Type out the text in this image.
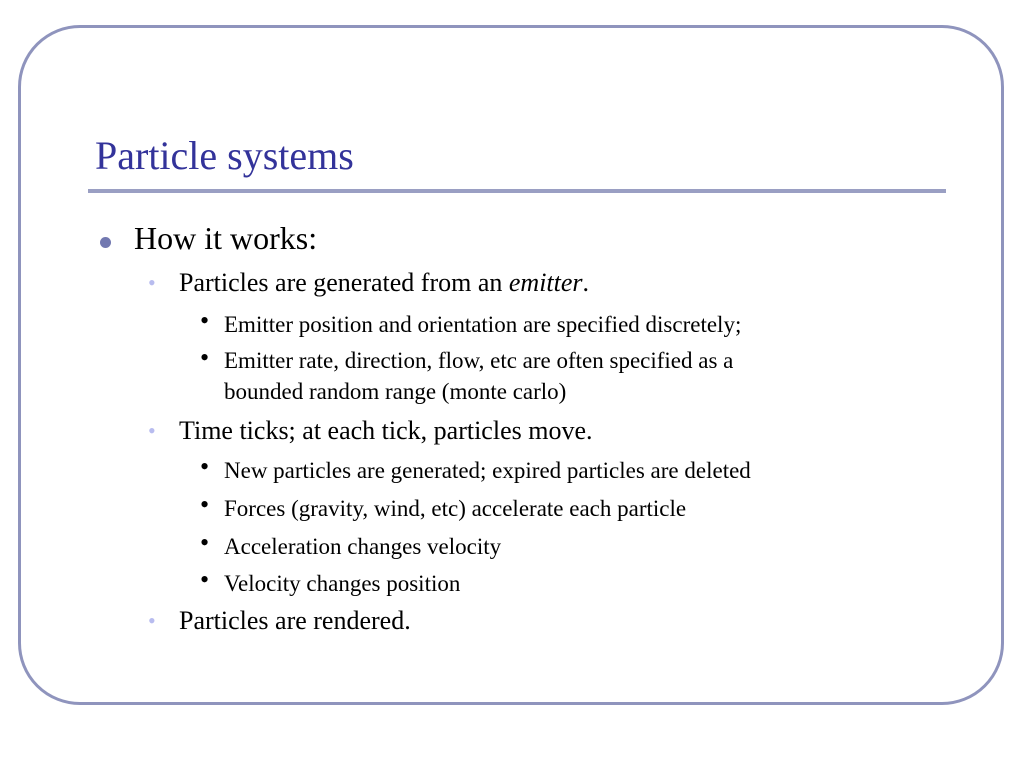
Particle systems
How it works:
• Particles are generated from an emitter.
• Emitter position and orientation are specified discretely;
• Emitter rate, direction, flow, etc are often specified as a
bounded random range (monte carlo)
• Time ticks; at each tick, particles move.
• New particles are generated; expired particles are deleted
• Forces (gravity, wind, etc) accelerate each particle
• Acceleration changes velocity
• Velocity changes position
• Particles are rendered.
